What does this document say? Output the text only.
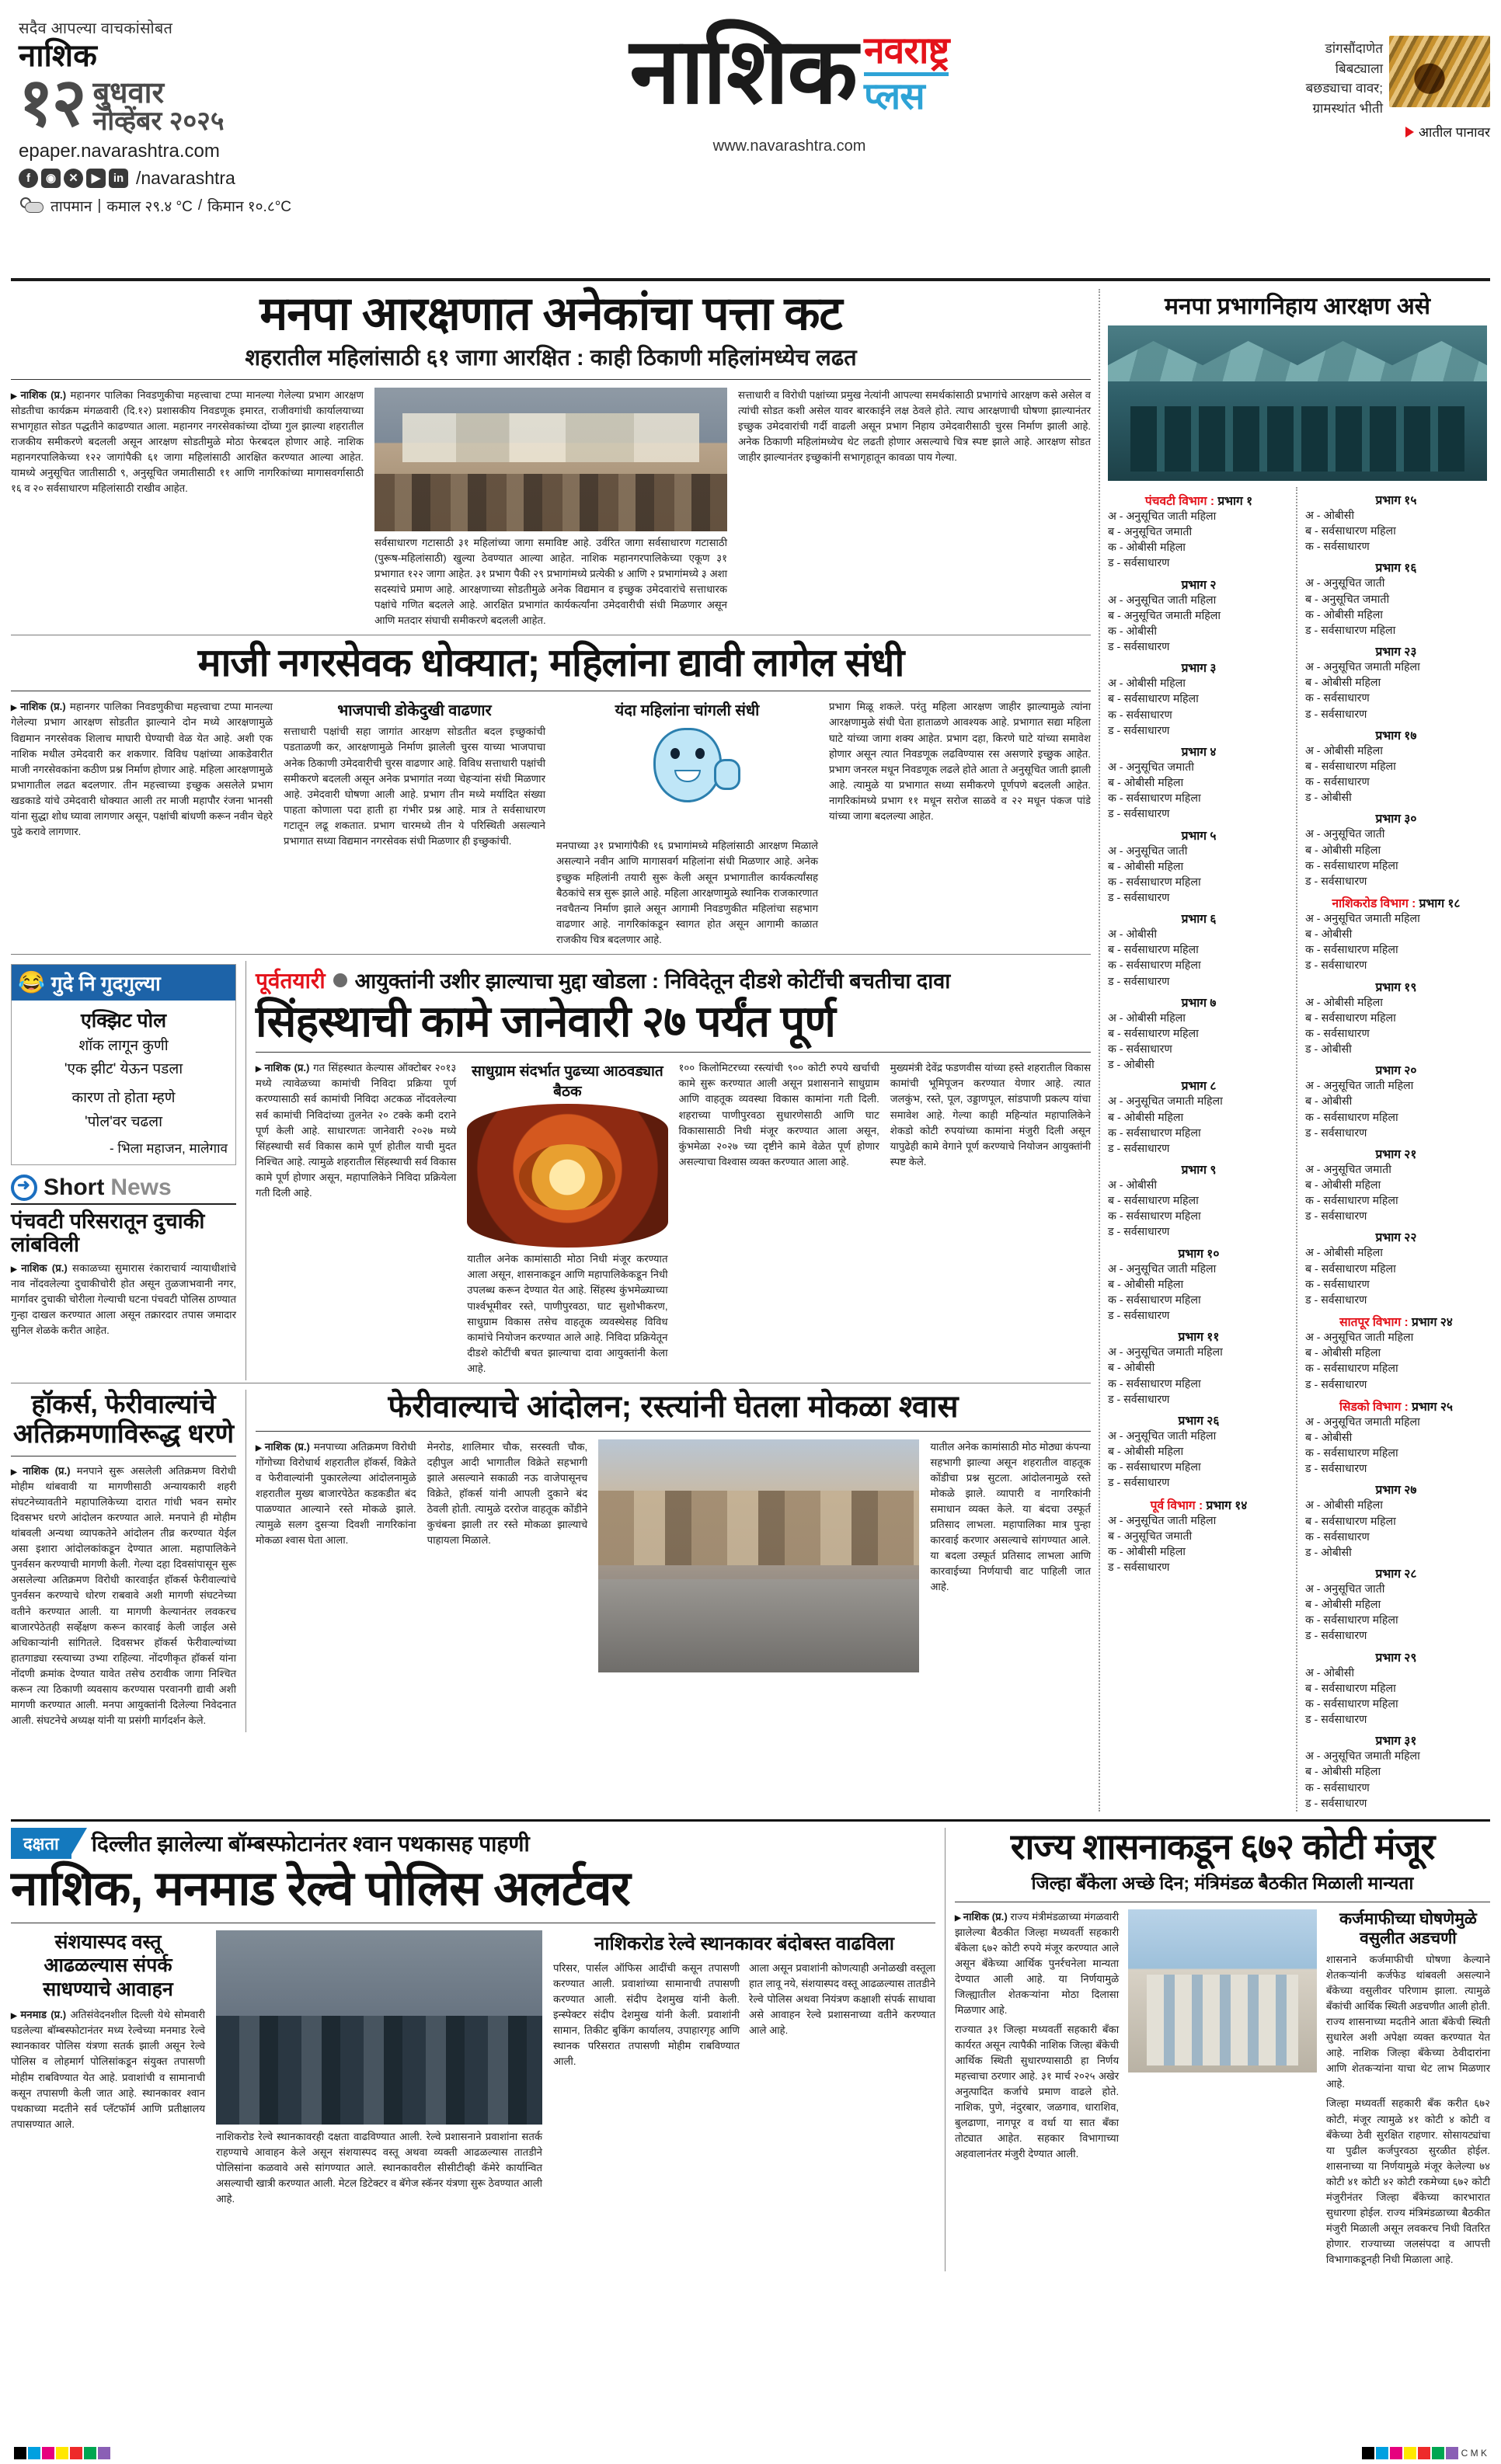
सदैव आपल्या वाचकांसोबत
नाशिक
१२ बुधवार
नोव्हेंबर २०२५
epaper.navarashtra.com
f	◉	✕	▶	in /navarashtra
तापमान | कमाल २९.४ °C / किमान १०.८°C
नाशिक नवराष्ट्र
प्लस
www.navarashtra.com
डांगसौंदाणेत
बिबट्याला
बछड्याचा वावर;
ग्रामस्थांत भीती
आतील पानावर
मनपा आरक्षणात अनेकांचा पत्ता कट
शहरातील महिलांसाठी ६१ जागा आरक्षित : काही ठिकाणी महिलांमध्येच लढत

▶ नाशिक (प्र.) महानगर पालिका निवडणुकीचा महत्त्वाचा टप्पा मानल्या गेलेल्या प्रभाग आरक्षण सोडतीचा कार्यक्रम मंगळवारी (दि.१२) प्रशासकीय निवडणूक इमारत, राजीवगांधी कार्यालयाच्या सभागृहात सोडत पद्धतीने काढण्यात आला. महानगर नगरसेवकांच्या दोंघ्या गुल झाल्या शहरातील राजकीय समीकरणे बदलली असून आरक्षण सोडतीमुळे मोठा फेरबदल होणार आहे. नाशिक महानगरपालिकेच्या १२२ जागांपैकी ६१ जागा महिलांसाठी आरक्षित करण्यात आल्या आहेत. यामध्ये अनुसूचित जातीसाठी ९, अनुसूचित जमातीसाठी ११ आणि नागरिकांच्या मागासवर्गासाठी १६ व २० सर्वसाधारण महिलांसाठी राखीव आहेत.

सर्वसाधारण गटासाठी ३१ महिलांच्या जागा समाविष्ट आहे. उर्वरित जागा सर्वसाधारण गटासाठी (पुरूष-महिलांसाठी) खुल्या ठेवण्यात आल्या आहेत. नाशिक महानगरपालिकेच्या एकूण ३१ प्रभागात १२२ जागा आहेत. ३१ प्रभाग पैकी २९ प्रभागांमध्ये प्रत्येकी ४ आणि २ प्रभागांमध्ये ३ अशा सदस्यांचे प्रमाण आहे. आरक्षणाच्या सोडतीमुळे अनेक विद्यमान व इच्छुक उमेदवारांचे सत्ताधारक पक्षांचे गणित बदलले आहे. आरक्षित प्रभागांत कार्यकर्त्यांना उमेदवारीची संधी मिळणार असून आणि मतदार संघाची समीकरणे बदलली आहेत.

सत्ताधारी व विरोधी पक्षांच्या प्रमुख नेत्यांनी आपल्या समर्थकांसाठी प्रभागांचे आरक्षण कसे असेल व त्यांची सोडत कशी असेल यावर बारकाईने लक्ष ठेवले होते. त्याच आरक्षणाची घोषणा झाल्यानंतर इच्छुक उमेदवारांची गर्दी वाढली असून प्रभाग निहाय उमेदवारीसाठी चुरस निर्माण झाली आहे. अनेक ठिकाणी महिलांमध्येच थेट लढती होणार असल्याचे चित्र स्पष्ट झाले आहे. आरक्षण सोडत जाहीर झाल्यानंतर इच्छुकांनी सभागृहातून कावळा पाय गेल्या.

माजी नगरसेवक धोक्यात; महिलांना द्यावी लागेल संधी

▶ नाशिक (प्र.) महानगर पालिका निवडणुकीचा महत्त्वाचा टप्पा मानल्या गेलेल्या प्रभाग आरक्षण सोडतीत झाल्याने दोन मध्ये आरक्षणामुळे विद्यमान नगरसेवक शिलाच माघारी घेण्याची वेळ येत आहे. अशी एक नाशिक मधील उमेदवारी कर शकणार. विविध पक्षांच्या आकडेवारीत माजी नगरसेवकांना कठीण प्रश्न निर्माण होणार आहे. महिला आरक्षणामुळे प्रभागातील लढत बदलणार. तीन महत्त्वाच्या इच्छुक असलेले प्रभाग खडकाडे यांचे उमेदवारी धोक्यात आली तर माजी महापौर रंजना भानसी यांना सुद्धा शोध घ्यावा लागणार असून, पक्षांची बांधणी करून नवीन चेहरे पुढे करावे लागणार.

भाजपाची डोकेदुखी वाढणार

सत्ताधारी पक्षांची सहा जागांत आरक्षण सोडतीत बदल इच्छुकांची पडताळणी कर, आरक्षणामुळे निर्माण झालेली चुरस याच्या भाजपाचा अनेक ठिकाणी उमेदवारीची चुरस वाढणार आहे. विविध सत्ताधारी पक्षांची समीकरणे बदलली असून अनेक प्रभागांत नव्या चेहऱ्यांना संधी मिळणार आहे. उमेदवारी घोषणा आली आहे. प्रभाग तीन मध्ये मर्यादित संख्या पाहता कोणाला पदा हाती हा गंभीर प्रश्न आहे. मात्र ते सर्वसाधारण गटातून लढू शकतात. प्रभाग चारमध्ये तीन ये परिस्थिती असल्याने प्रभागात सध्या विद्यमान नगरसेवक संधी मिळणार ही इच्छुकांची.

यंदा महिलांना चांगली संधी

मनपाच्या ३१ प्रभागांपैकी १६ प्रभागांमध्ये महिलांसाठी आरक्षण मिळाले असल्याने नवीन आणि मागासवर्ग महिलांना संधी मिळणार आहे. अनेक इच्छुक महिलांनी तयारी सुरू केली असून प्रभागातील कार्यकर्त्यांसह बैठकांचे सत्र सुरू झाले आहे. महिला आरक्षणामुळे स्थानिक राजकारणात नवचैतन्य निर्माण झाले असून आगामी निवडणुकीत महिलांचा सहभाग वाढणार आहे. नागरिकांकडून स्वागत होत असून आगामी काळात राजकीय चित्र बदलणार आहे.

प्रभाग मिळू शकले. परंतु महिला आरक्षण जाहीर झाल्यामुळे त्यांना आरक्षणामुळे संधी घेता हाताळणे आवश्यक आहे. प्रभागात सद्या महिला घाटे यांच्या जागा शक्य आहेत. प्रभाग दहा, किरणे घाटे यांच्या समावेश होणार असून त्यात निवडणूक लढविण्यास रस असणारे इच्छुक आहेत. प्रभाग जनरल मधून निवडणूक लढले होते आता ते अनुसूचित जाती झाली आहे. त्यामुळे या प्रभागात सध्या समीकरणे पूर्णपणे बदलली आहेत. नागरिकांमध्ये प्रभाग ११ मधून सरोज साळवे व २२ मधून पंकज पांडे यांच्या जागा बदलल्या आहेत.

😂 गुदे नि गुदगुल्या
एक्झिट पोल
शॉक लागून कुणी
'एक झीट' येऊन पडला
कारण तो होता म्हणे
'पोल'वर चढला
- भिला महाजन, मालेगाव
➜
Short News
पंचवटी परिसरातून दुचाकी लांबविली

▶ नाशिक (प्र.) सकाळच्या सुमारास रंकाराचार्य न्यायाधीशांचे नाव नोंदवलेल्या दुचाकीचोरी होत असून तुळजाभवानी नगर, मार्गावर दुचाकी चोरीला गेल्याची घटना पंचवटी पोलिस ठाण्यात गुन्हा दाखल करण्यात आला असून तक्रारदार तपास जमादार सुनिल शेळके करीत आहेत.

पूर्वतयारी आयुक्तांनी उशीर झाल्याचा मुद्दा खोडला : निविदेतून दीडशे कोटींची बचतीचा दावा
सिंहस्थाची कामे जानेवारी २७ पर्यंत पूर्ण

▶ नाशिक (प्र.) गत सिंहस्थात केल्यास ऑक्टोबर २०१३ मध्ये त्यावेळच्या कामांची निविदा प्रक्रिया पूर्ण करण्यासाठी सर्व कामांची निविदा अटकळ नोंदवलेल्या सर्व कामांची निविदांच्या तुलनेत २० टक्के कमी दराने पूर्ण केली आहे. साधारणतः जानेवारी २०२७ मध्ये सिंहस्थाची सर्व विकास कामे पूर्ण होतील याची मुदत निश्चित आहे. त्यामुळे शहरातील सिंहस्थाची सर्व विकास कामे पूर्ण होणार असून, महापालिकेने निविदा प्रक्रियेला गती दिली आहे.

साधुग्राम संदर्भात पुढच्या आठवड्यात बैठक

यातील अनेक कामांसाठी मोठा निधी मंजूर करण्यात आला असून, शासनाकडून आणि महापालिकेकडून निधी उपलब्ध करून देण्यात येत आहे. सिंहस्थ कुंभमेळ्याच्या पार्श्वभूमीवर रस्ते, पाणीपुरवठा, घाट सुशोभीकरण, साधुग्राम विकास तसेच वाहतूक व्यवस्थेसह विविध कामांचे नियोजन करण्यात आले आहे. निविदा प्रक्रियेतून दीडशे कोटींची बचत झाल्याचा दावा आयुक्तांनी केला आहे.

१०० किलोमिटरच्या रस्त्यांची ९०० कोटी रुपये खर्चाची कामे सुरू करण्यात आली असून प्रशासनाने साधुग्राम आणि वाहतूक व्यवस्था विकास कामांना गती दिली. शहराच्या पाणीपुरवठा सुधारणेसाठी आणि घाट विकासासाठी निधी मंजूर करण्यात आला असून, कुंभमेळा २०२७ च्या दृष्टीने कामे वेळेत पूर्ण होणार असल्याचा विश्वास व्यक्त करण्यात आला आहे.

मुख्यमंत्री देवेंद्र फडणवीस यांच्या हस्ते शहरातील विकास कामांची भूमिपूजन करण्यात येणार आहे. त्यात जलकुंभ, रस्ते, पूल, उड्डाणपूल, सांडपाणी प्रकल्प यांचा समावेश आहे. गेल्या काही महिन्यांत महापालिकेने शेकडो कोटी रुपयांच्या कामांना मंजुरी दिली असून यापुढेही कामे वेगाने पूर्ण करण्याचे नियोजन आयुक्तांनी स्पष्ट केले.

हॉकर्स, फेरीवाल्यांचे अतिक्रमणाविरूद्ध धरणे

▶ नाशिक (प्र.) मनपाने सुरू असलेली अतिक्रमण विरोधी मोहीम थांबवावी या मागणीसाठी अन्यायकारी शहरी संघटनेच्यावतीने महापालिकेच्या दारात गांधी भवन समोर दिवसभर धरणे आंदोलन करण्यात आले. मनपाने ही मोहीम थांबवली अन्यथा व्यापकतेने आंदोलन तीव्र करण्यात येईल असा इशारा आंदोलकांकडून देण्यात आला. महापालिकेने पुनर्वसन करण्याची मागणी केली. गेल्या दहा दिवसांपासून सुरू असलेल्या अतिक्रमण विरोधी कारवाईत हॉकर्स फेरीवाल्यांचे पुनर्वसन करण्याचे धोरण राबवावे अशी मागणी संघटनेच्या वतीने करण्यात आली. या मागणी केल्यानंतर लवकरच बाजारपेठेतही सर्व्हेक्षण करून कारवाई केली जाईल असे अधिकाऱ्यांनी सांगितले. दिवसभर हॉकर्स फेरीवाल्यांच्या हातगाड्या रस्त्याच्या उभ्या राहिल्या. नोंदणीकृत हॉकर्स यांना नोंदणी क्रमांक देण्यात यावेत तसेच ठरावीक जागा निश्चित करून त्या ठिकाणी व्यवसाय करण्यास परवानगी द्यावी अशी मागणी करण्यात आली. मनपा आयुक्तांनी दिलेल्या निवेदनात आली. संघटनेचे अध्यक्ष यांनी या प्रसंगी मार्गदर्शन केले.

फेरीवाल्याचे आंदोलन; रस्त्यांनी घेतला मोकळा श्वास

▶ नाशिक (प्र.) मनपाच्या अतिक्रमण विरोधी गोंगोच्या विरोधार्थ शहरातील हॉकर्स, विक्रेते व फेरीवाल्यांनी पुकारलेल्या आंदोलनामुळे शहरातील मुख्य बाजारपेठेत कडकडीत बंद पाळण्यात आल्याने रस्ते मोकळे झाले. त्यामुळे सलग दुसऱ्या दिवशी नागरिकांना मोकळा श्वास घेता आला.

मेनरोड, शालिमार चौक, सरस्वती चौक, दहीपुल आदी भागातील विक्रेते सहभागी झाले असल्याने सकाळी नऊ वाजेपासूनच विक्रेते, हॉकर्स यांनी आपली दुकाने बंद ठेवली होती. त्यामुळे दररोज वाहतूक कोंडीने कुचंबना झाली तर रस्ते मोकळा झाल्याचे पाहायला मिळाले.

यातील अनेक कामांसाठी मोठ मोठ्या कंपन्या सहभागी झाल्या असून शहरातील वाहतूक कोंडीचा प्रश्न सुटला. आंदोलनामुळे रस्ते मोकळे झाले. व्यापारी व नागरिकांनी समाधान व्यक्त केले. या बंदचा उस्फूर्त प्रतिसाद लाभला. महापालिका मात्र पुन्हा कारवाई करणार असल्याचे सांगण्यात आले. या बदला उस्फूर्त प्रतिसाद लाभला आणि कारवाईच्या निर्णयाची वाट पाहिली जात आहे.

मनपा प्रभागनिहाय आरक्षण असे
पंचवटी विभाग : प्रभाग १
अ - अनुसूचित जाती महिला
ब - अनुसूचित जमाती
क - ओबीसी महिला
ड - सर्वसाधारण
प्रभाग २
अ - अनुसूचित जाती महिला
ब - अनुसूचित जमाती महिला
क - ओबीसी
ड - सर्वसाधारण
प्रभाग ३
अ - ओबीसी महिला
ब - सर्वसाधारण महिला
क - सर्वसाधारण
ड - सर्वसाधारण
प्रभाग ४
अ - अनुसूचित जमाती
ब - ओबीसी महिला
क - सर्वसाधारण महिला
ड - सर्वसाधारण
प्रभाग ५
अ - अनुसूचित जाती
ब - ओबीसी महिला
क - सर्वसाधारण महिला
ड - सर्वसाधारण
प्रभाग ६
अ - ओबीसी
ब - सर्वसाधारण महिला
क - सर्वसाधारण महिला
ड - सर्वसाधारण
प्रभाग ७
अ - ओबीसी महिला
ब - सर्वसाधारण महिला
क - सर्वसाधारण
ड - ओबीसी
प्रभाग ८
अ - अनुसूचित जमाती महिला
ब - ओबीसी महिला
क - सर्वसाधारण महिला
ड - सर्वसाधारण
प्रभाग ९
अ - ओबीसी
ब - सर्वसाधारण महिला
क - सर्वसाधारण महिला
ड - सर्वसाधारण
प्रभाग १०
अ - अनुसूचित जाती महिला
ब - ओबीसी महिला
क - सर्वसाधारण महिला
ड - सर्वसाधारण
प्रभाग ११
अ - अनुसूचित जमाती महिला
ब - ओबीसी
क - सर्वसाधारण महिला
ड - सर्वसाधारण
प्रभाग २६
अ - अनुसूचित जाती महिला
ब - ओबीसी महिला
क - सर्वसाधारण महिला
ड - सर्वसाधारण
पूर्व विभाग : प्रभाग १४
अ - अनुसूचित जाती महिला
ब - अनुसूचित जमाती
क - ओबीसी महिला
ड - सर्वसाधारण
प्रभाग १५
अ - ओबीसी
ब - सर्वसाधारण महिला
क - सर्वसाधारण
प्रभाग १६
अ - अनुसूचित जाती
ब - अनुसूचित जमाती
क - ओबीसी महिला
ड - सर्वसाधारण महिला
प्रभाग २३
अ - अनुसूचित जमाती महिला
ब - ओबीसी महिला
क - सर्वसाधारण
ड - सर्वसाधारण
प्रभाग १७
अ - ओबीसी महिला
ब - सर्वसाधारण महिला
क - सर्वसाधारण
ड - ओबीसी
प्रभाग ३०
अ - अनुसूचित जाती
ब - ओबीसी महिला
क - सर्वसाधारण महिला
ड - सर्वसाधारण
नाशिकरोड विभाग : प्रभाग १८
अ - अनुसूचित जमाती महिला
ब - ओबीसी
क - सर्वसाधारण महिला
ड - सर्वसाधारण
प्रभाग १९
अ - ओबीसी महिला
ब - सर्वसाधारण महिला
क - सर्वसाधारण
ड - ओबीसी
प्रभाग २०
अ - अनुसूचित जाती महिला
ब - ओबीसी
क - सर्वसाधारण महिला
ड - सर्वसाधारण
प्रभाग २१
अ - अनुसूचित जमाती
ब - ओबीसी महिला
क - सर्वसाधारण महिला
ड - सर्वसाधारण
प्रभाग २२
अ - ओबीसी महिला
ब - सर्वसाधारण महिला
क - सर्वसाधारण
ड - सर्वसाधारण
सातपूर विभाग : प्रभाग २४
अ - अनुसूचित जाती महिला
ब - ओबीसी महिला
क - सर्वसाधारण महिला
ड - सर्वसाधारण
सिडको विभाग : प्रभाग २५
अ - अनुसूचित जमाती महिला
ब - ओबीसी
क - सर्वसाधारण महिला
ड - सर्वसाधारण
प्रभाग २७
अ - ओबीसी महिला
ब - सर्वसाधारण महिला
क - सर्वसाधारण
ड - ओबीसी
प्रभाग २८
अ - अनुसूचित जाती
ब - ओबीसी महिला
क - सर्वसाधारण महिला
ड - सर्वसाधारण
प्रभाग २९
अ - ओबीसी
ब - सर्वसाधारण महिला
क - सर्वसाधारण महिला
ड - सर्वसाधारण
प्रभाग ३१
अ - अनुसूचित जमाती महिला
ब - ओबीसी महिला
क - सर्वसाधारण
ड - सर्वसाधारण
दक्षता	दिल्लीत झालेल्या बॉम्बस्फोटानंतर श्वान पथकासह पाहणी
नाशिक, मनमाड रेल्वे पोलिस अलर्टवर
संशयास्पद वस्तू आढळल्यास संपर्क साधण्याचे आवाहन

▶ मनमाड (प्र.) अतिसंवेदनशील दिल्ली येथे सोमवारी घडलेल्या बॉम्बस्फोटानंतर मध्य रेल्वेच्या मनमाड रेल्वे स्थानकावर पोलिस यंत्रणा सतर्क झाली असून रेल्वे पोलिस व लोहमार्ग पोलिसांकडून संयुक्त तपासणी मोहीम राबविण्यात येत आहे. प्रवाशांची व सामानाची कसून तपासणी केली जात आहे. स्थानकावर श्वान पथकाच्या मदतीने सर्व प्लॅटफॉर्म आणि प्रतीक्षालय तपासण्यात आले.

नाशिकरोड रेल्वे स्थानकावरही दक्षता वाढविण्यात आली. रेल्वे प्रशासनाने प्रवाशांना सतर्क राहण्याचे आवाहन केले असून संशयास्पद वस्तू अथवा व्यक्ती आढळल्यास तातडीने पोलिसांना कळवावे असे सांगण्यात आले. स्थानकावरील सीसीटीव्ही कॅमेरे कार्यान्वित असल्याची खात्री करण्यात आली. मेटल डिटेक्टर व बॅगेज स्कॅनर यंत्रणा सुरू ठेवण्यात आली आहे.

नाशिकरोड रेल्वे स्थानकावर बंदोबस्त वाढविला

परिसर, पार्सल ऑफिस आदींची कसून तपासणी करण्यात आली. प्रवाशांच्या सामानाची तपासणी करण्यात आली. संदीप देशमुख यांनी केली. इन्स्पेक्टर संदीप देशमुख यांनी केली. प्रवाशांनी सामान, तिकीट बुकिंग कार्यालय, उपाहारगृह आणि स्थानक परिसरात तपासणी मोहीम राबविण्यात आली.

आला असून प्रवाशांनी कोणत्याही अनोळखी वस्तूला हात लावू नये, संशयास्पद वस्तू आढळल्यास तातडीने रेल्वे पोलिस अथवा नियंत्रण कक्षाशी संपर्क साधावा असे आवाहन रेल्वे प्रशासनाच्या वतीने करण्यात आले आहे.

राज्य शासनाकडून ६७२ कोटी मंजूर
जिल्हा बँकेला अच्छे दिन; मंत्रिमंडळ बैठकीत मिळाली मान्यता

▶ नाशिक (प्र.) राज्य मंत्रीमंडळाच्या मंगळवारी झालेल्या बैठकीत जिल्हा मध्यवर्ती सहकारी बँकेला ६७२ कोटी रुपये मंजूर करण्यात आले असून बँकेच्या आर्थिक पुनर्रचनेला मान्यता देण्यात आली आहे. या निर्णयामुळे जिल्ह्यातील शेतकऱ्यांना मोठा दिलासा मिळणार आहे.

राज्यात ३१ जिल्हा मध्यवर्ती सहकारी बँका कार्यरत असून त्यापैकी नाशिक जिल्हा बँकेची आर्थिक स्थिती सुधारण्यासाठी हा निर्णय महत्त्वाचा ठरणार आहे. ३१ मार्च २०२५ अखेर अनुत्पादित कर्जाचे प्रमाण वाढले होते. नाशिक, पुणे, नंदुरबार, जळगाव, धाराशिव, बुलढाणा, नागपूर व वर्धा या सात बँका तोट्यात आहेत. सहकार विभागाच्या अहवालानंतर मंजुरी देण्यात आली.

कर्जमाफीच्या घोषणेमुळे वसुलीत अडचणी

शासनाने कर्जमाफीची घोषणा केल्याने शेतकऱ्यांनी कर्जफेड थांबवली असल्याने बँकेच्या वसुलीवर परिणाम झाला. त्यामुळे बँकांची आर्थिक स्थिती अडचणीत आली होती. राज्य शासनाच्या मदतीने आता बँकेची स्थिती सुधारेल अशी अपेक्षा व्यक्त करण्यात येत आहे. नाशिक जिल्हा बँकेच्या ठेवीदारांना आणि शेतकऱ्यांना याचा थेट लाभ मिळणार आहे.

जिल्हा मध्यवर्ती सहकारी बँक करीत ६७२ कोटी, मंजूर त्यामुळे ४१ कोटी ४ कोटी व बँकेच्या ठेवी सुरक्षित राहणार. सोसायट्यांचा या पुढील कर्जपुरवठा सुरळीत होईल. शासनाच्या या निर्णयामुळे मंजूर केलेल्या ७४ कोटी ४१ कोटी ४२ कोटी रकमेच्या ६७२ कोटी मंजुरीनंतर जिल्हा बँकेच्या कारभारात सुधारणा होईल. राज्य मंत्रिमंडळाच्या बैठकीत मंजुरी मिळाली असून लवकरच निधी वितरित होणार. राज्याच्या जलसंपदा व आपत्ती विभागाकडूनही निधी मिळाला आहे.

C M K
